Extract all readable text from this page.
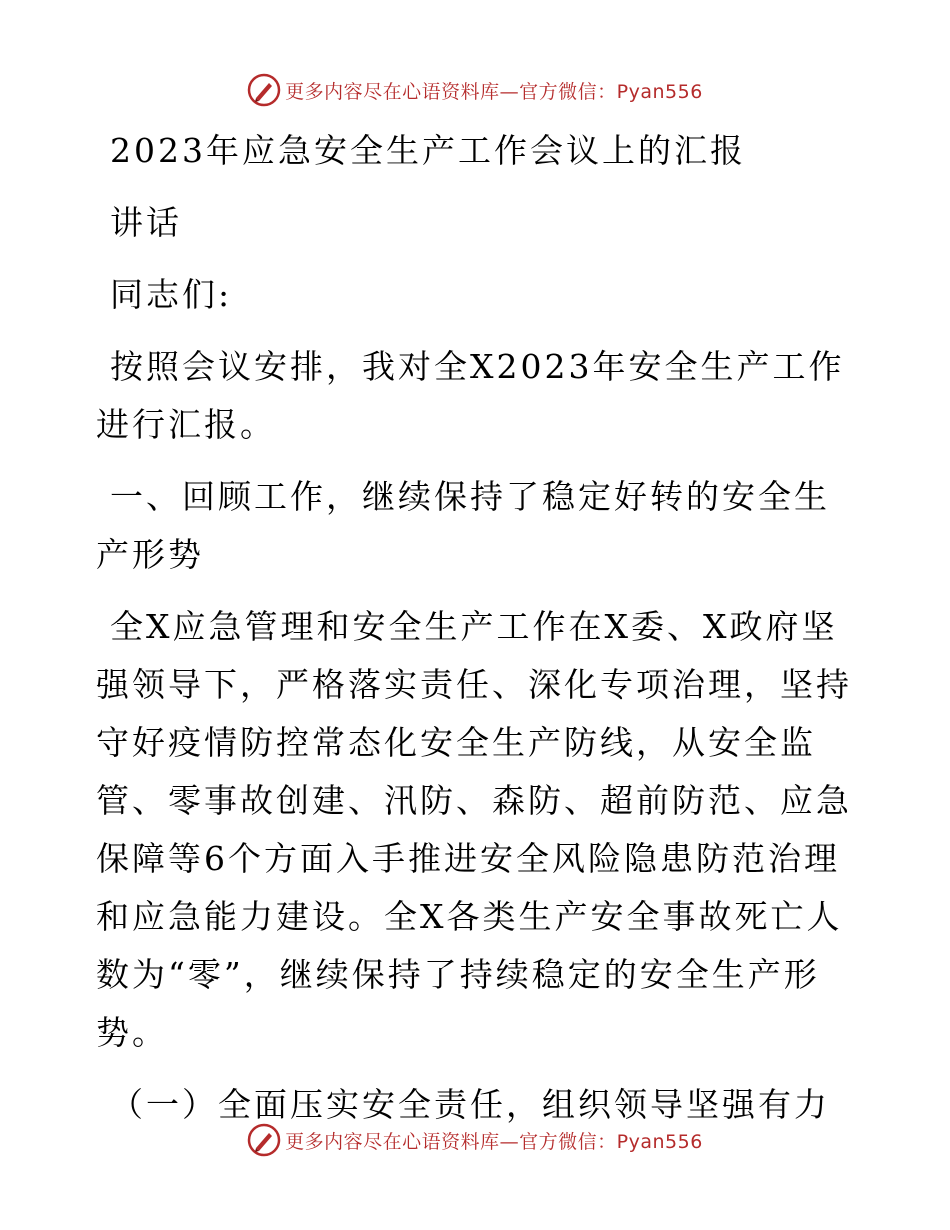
更多内容尽在心语资料库—官方微信：Pyan556

2023年应急安全生产工作会议上的汇报

讲话

同志们:

按照会议安排，我对全X2023年安全生产工作进行汇报。

一、回顾工作，继续保持了稳定好转的安全生产形势

全X应急管理和安全生产工作在X委、X政府坚强领导下，严格落实责任、深化专项治理，坚持守好疫情防控常态化安全生产防线，从安全监管、零事故创建、汛防、森防、超前防范、应急保障等6个方面入手推进安全风险隐患防范治理和应急能力建设。全X各类生产安全事故死亡人数为“零”，继续保持了持续稳定的安全生产形势。

（一）全面压实安全责任，组织领导坚强有力

更多内容尽在心语资料库—官方微信：Pyan556
